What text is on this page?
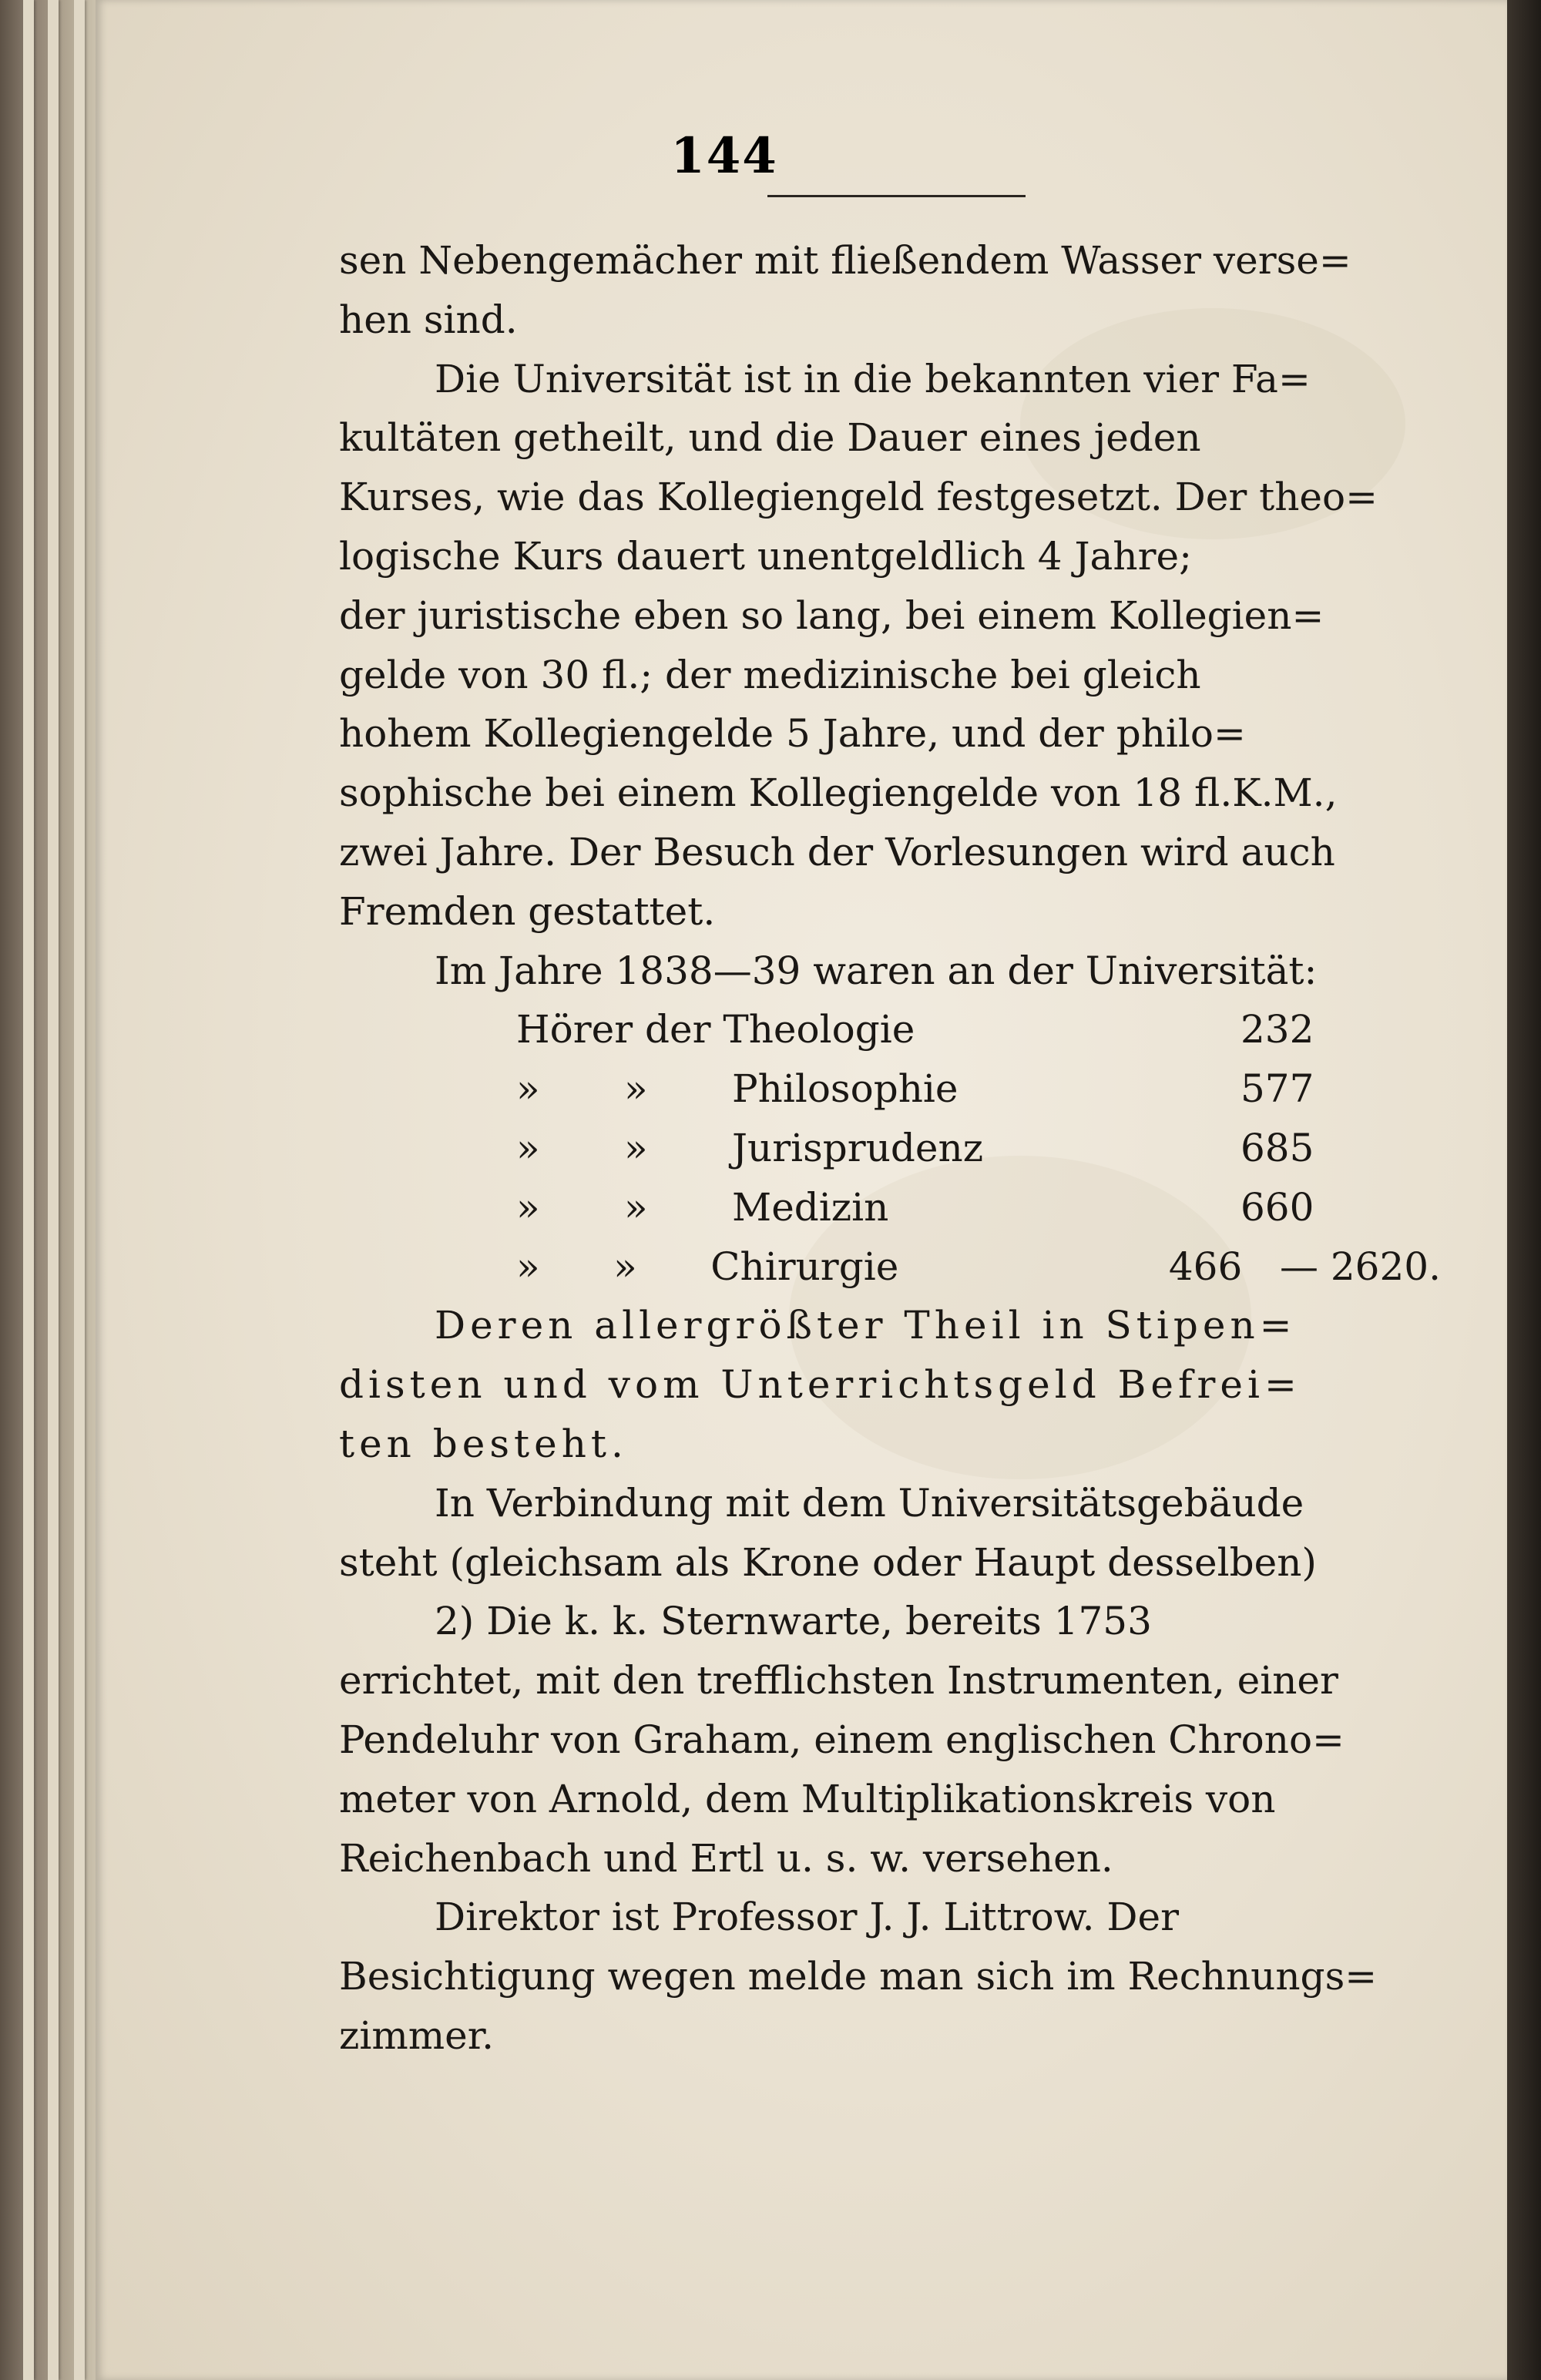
144

sen Nebengemächer mit fließendem Wasser verse=
hen sind.

Die Universität ist in die bekannten vier Fa=
kultäten getheilt, und die Dauer eines jeden
Kurses, wie das Kollegiengeld festgesetzt. Der theo=
logische Kurs dauert unentgeldlich 4 Jahre;
der juristische eben so lang, bei einem Kollegien=
gelde von 30 fl.; der medizinische bei gleich
hohem Kollegiengelde 5 Jahre, und der philo=
sophische bei einem Kollegiengelde von 18 fl.K.M.,
zwei Jahre. Der Besuch der Vorlesungen wird auch
Fremden gestattet.

Im Jahre 1838—39 waren an der Universität:

Hörer der Theologie	232
»	»	Philosophie	577
»	»	Jurisprudenz	685
»	»	Medizin	660
»	»	Chirurgie	466 — 2620.

Deren allergrößter Theil in Stipen=
disten und vom Unterrichtsgeld Befrei=
ten besteht.

In Verbindung mit dem Universitätsgebäude
steht (gleichsam als Krone oder Haupt desselben)

2) Die k. k. Sternwarte, bereits 1753
errichtet, mit den trefflichsten Instrumenten, einer
Pendeluhr von Graham, einem englischen Chrono=
meter von Arnold, dem Multiplikationskreis von
Reichenbach und Ertl u. s. w. versehen.

Direktor ist Professor J. J. Littrow. Der
Besichtigung wegen melde man sich im Rechnungs=
zimmer.
